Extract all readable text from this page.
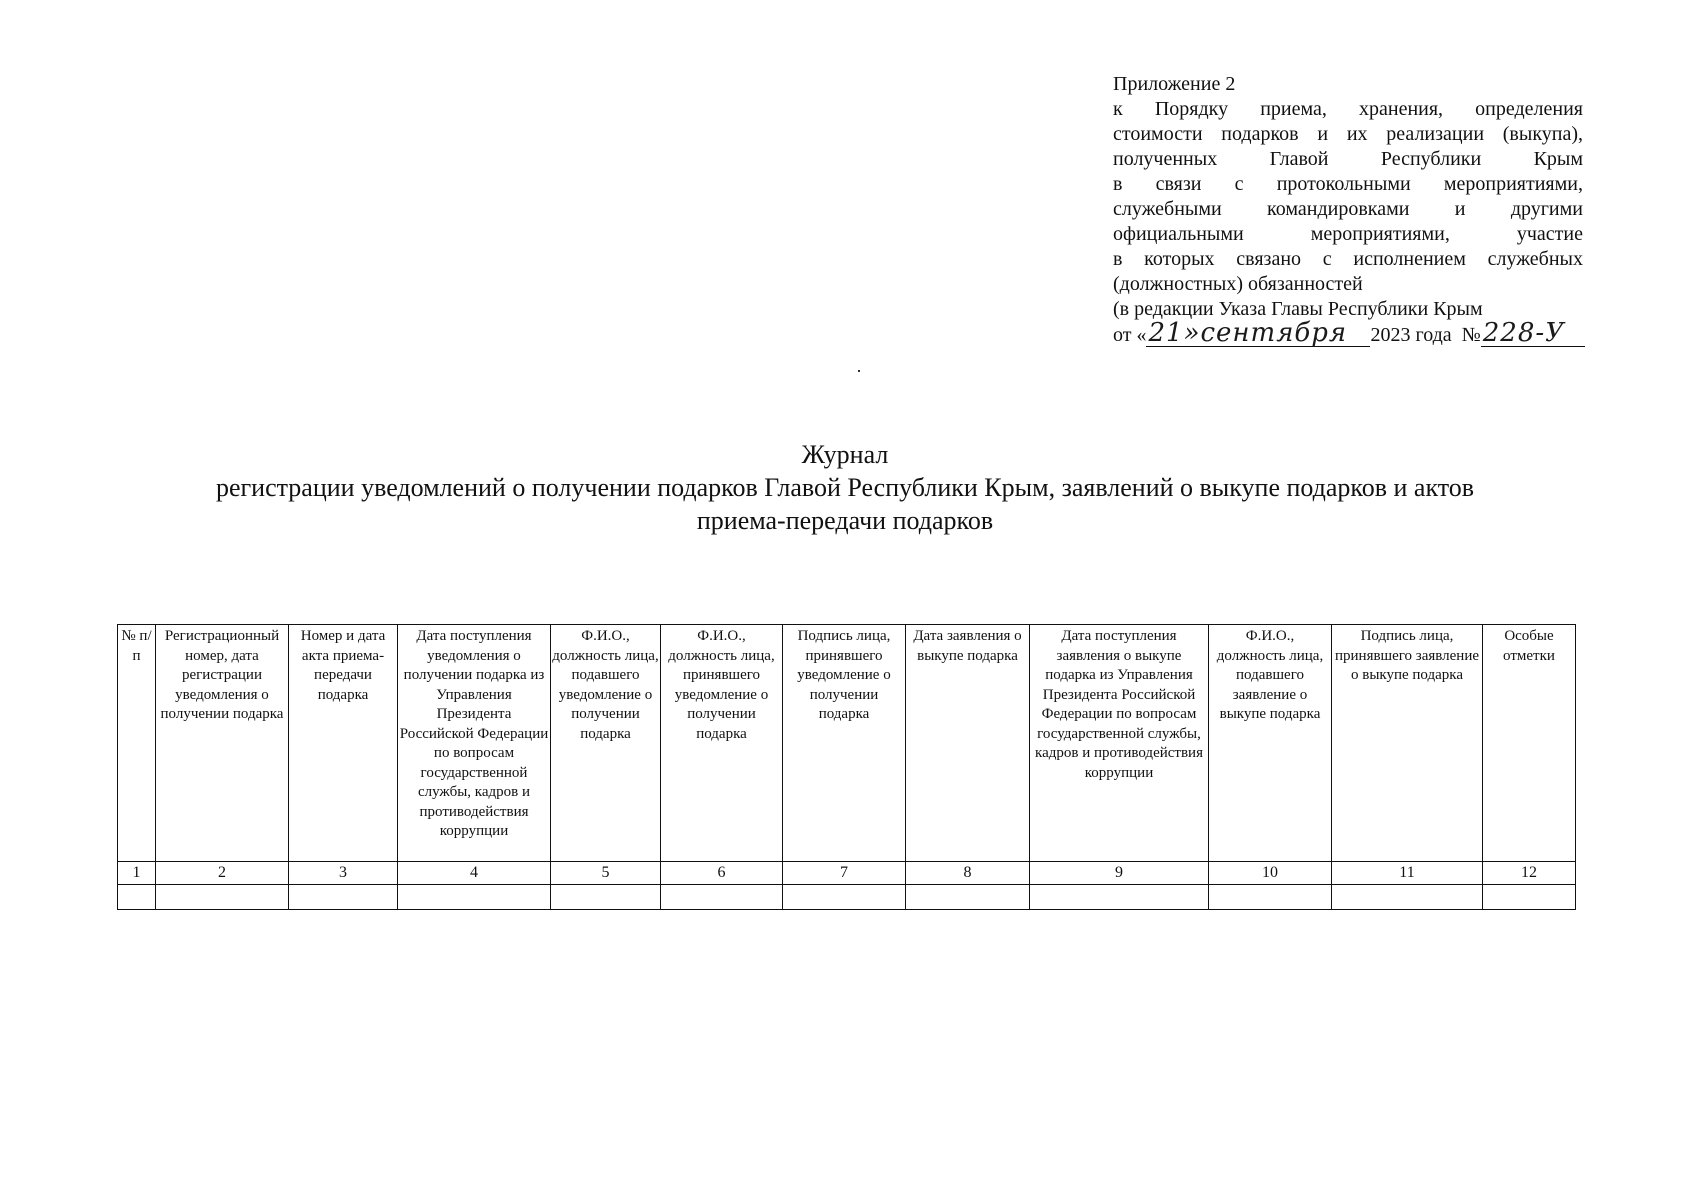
Приложение 2
к Порядку приема, хранения, определения
стоимости подарков и их реализации (выкупа),
полученных Главой Республики Крым
в связи с протокольными мероприятиями,
служебными командировками и другими
официальными мероприятиями, участие
в которых связано с исполнением служебных
(должностных) обязанностей
(в редакции Указа Главы Республики Крым
от «21»сентября 2023 года №228-У
Журнал
регистрации уведомлений о получении подарков Главой Республики Крым, заявлений о выкупе подарков и актов
приема-передачи подарков
№ п/п	Регистрационный номер, дата регистрации уведомления о получении подарка	Номер и дата акта приема-передачи подарка	Дата поступления уведомления о получении подарка из Управления Президента Российской Федерации по вопросам государственной службы, кадров и противодействия коррупции	Ф.И.О., должность лица, подавшего уведомление о получении подарка	Ф.И.О., должность лица, принявшего уведомление о получении подарка	Подпись лица, принявшего уведомление о получении подарка	Дата заявления о выкупе подарка	Дата поступления заявления о выкупе подарка из Управления Президента Российской Федерации по вопросам государственной службы, кадров и противодействия коррупции	Ф.И.О., должность лица, подавшего заявление о выкупе подарка	Подпись лица, принявшего заявление о выкупе подарка	Особые отметки
1	2	3	4	5	6	7	8	9	10	11	12
